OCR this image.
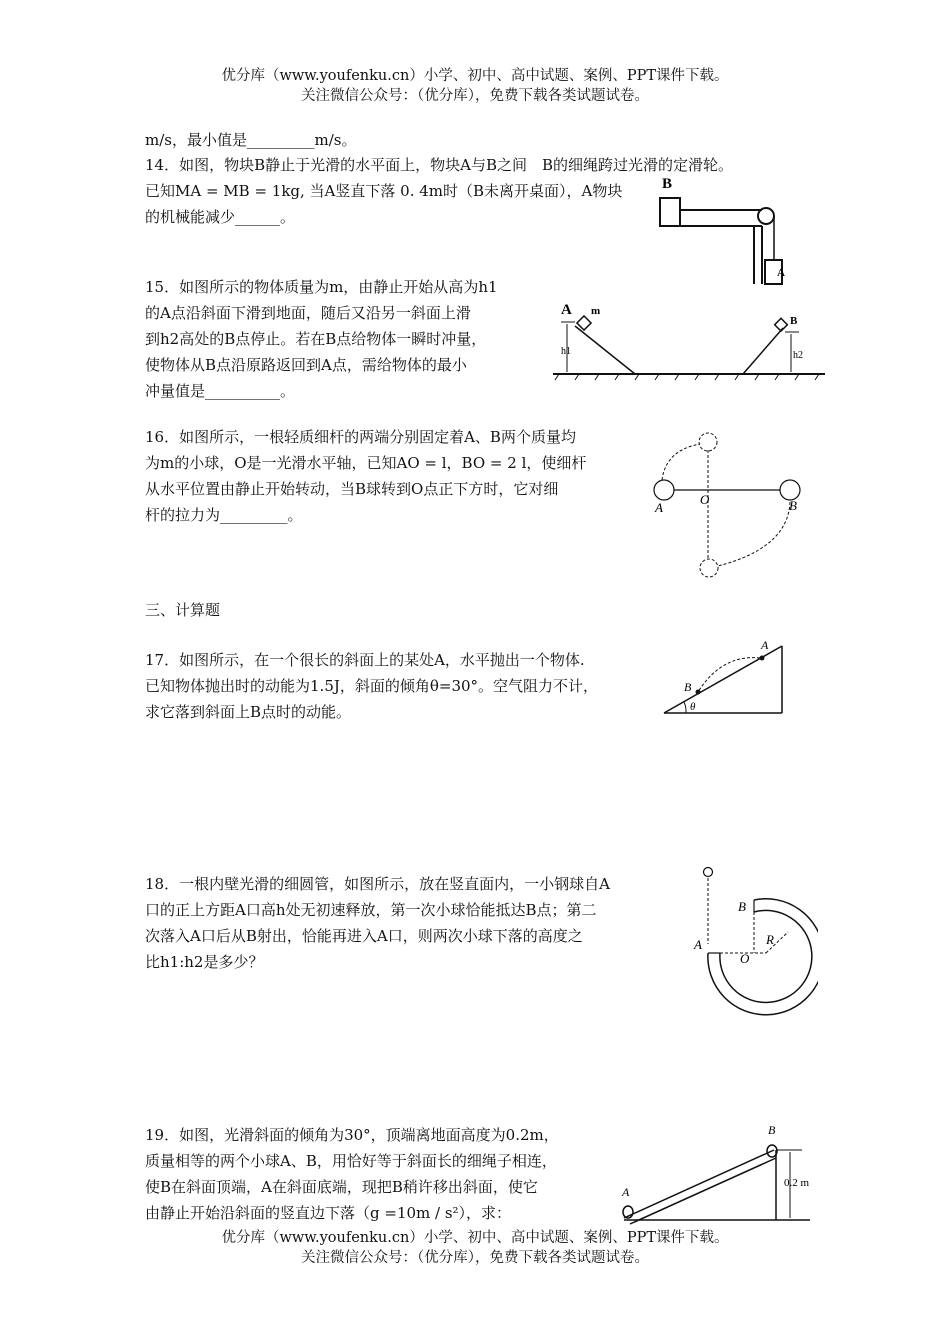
优分库（www.youfenku.cn）小学、初中、高中试题、案例、PPT课件下载。
关注微信公众号：（优分库），免费下载各类试题试卷。
m/s，最小值是_________m/s。
14．如图，物块B静止于光滑的水平面上，物块A与B之间　B的细绳跨过光滑的定滑轮。
已知MA = MB = 1kg, 当A竖直下落 0. 4m时（B未离开桌面），A物块
的机械能减少______。
B
A
15．如图所示的物体质量为m，由静止开始从高为h1
的A点沿斜面下滑到地面，随后又沿另一斜面上滑
到h2高处的B点停止。若在B点给物体一瞬时冲量，
使物体从B点沿原路返回到A点，需给物体的最小
冲量值是__________。
A m
h1
B
h2
16．如图所示，一根轻质细杆的两端分别固定着A、B两个质量均
为m的小球，O是一光滑水平轴，已知AO = l，BO = 2 l，使细杆
从水平位置由静止开始转动，当B球转到O点正下方时，它对细
杆的拉力为_________。	A
O	B
三、计算题
17．如图所示，在一个很长的斜面上的某处A，水平抛出一个物体.
已知物体抛出时的动能为1.5J，斜面的倾角θ=30°。空气阻力不计，
求它落到斜面上B点时的动能。
A
B
θ
18．一根内壁光滑的细圆管，如图所示，放在竖直面内，一小钢球自A
口的正上方距A口高h处无初速释放，第一次小球恰能抵达B点；第二
次落入A口后从B射出，恰能再进入A口，则两次小球下落的高度之
比h1:h2是多少？
B
A
O
R
19．如图，光滑斜面的倾角为30°，顶端离地面高度为0.2m，
质量相等的两个小球A、B，用恰好等于斜面长的细绳子相连，
使B在斜面顶端，A在斜面底端，现把B稍许移出斜面，使它
由静止开始沿斜面的竖直边下落（g =10m / s²），求：
B
A
0.2 m
优分库（www.youfenku.cn）小学、初中、高中试题、案例、PPT课件下载。
关注微信公众号：（优分库），免费下载各类试题试卷。
